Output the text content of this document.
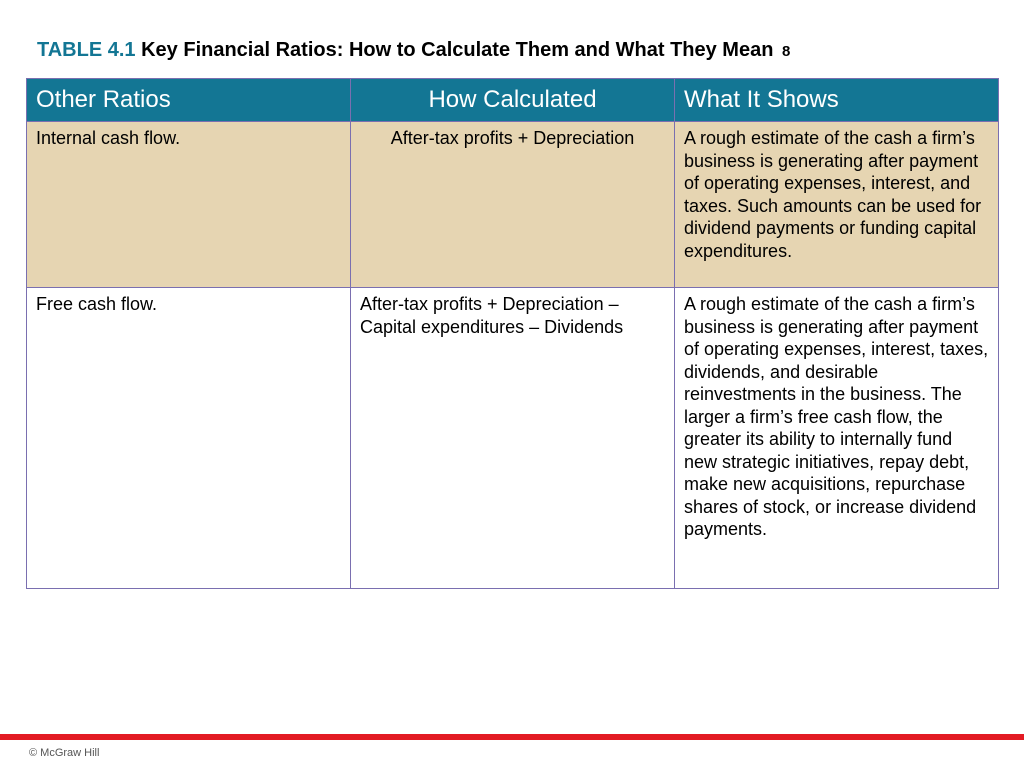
TABLE 4.1 Key Financial Ratios: How to Calculate Them and What They Mean 8
Other Ratios	How Calculated	What It Shows
Internal cash flow.	After-tax profits + Depreciation	A rough estimate of the cash a firm’s business is generating after payment of operating expenses, interest, and taxes. Such amounts can be used for dividend payments or funding capital expenditures.
Free cash flow.	After-tax profits + Depreciation – Capital expenditures – Dividends	A rough estimate of the cash a firm’s business is generating after payment of operating expenses, interest, taxes, dividends, and desirable reinvestments in the business. The larger a firm’s free cash flow, the greater its ability to internally fund new strategic initiatives, repay debt, make new acquisitions, repurchase shares of stock, or increase dividend payments.
© McGraw Hill
